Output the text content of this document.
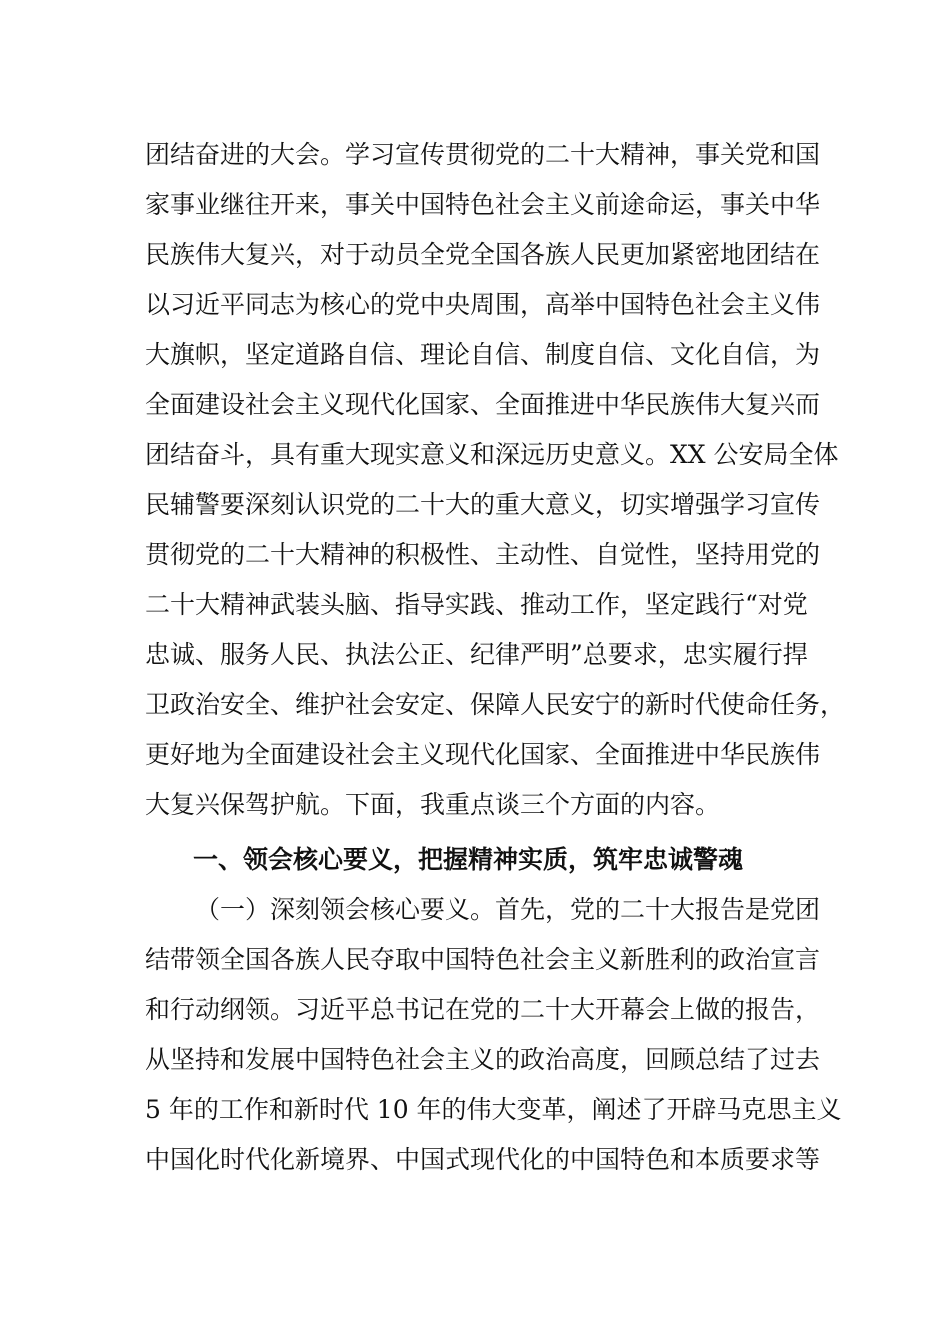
团结奋进的大会。学习宣传贯彻党的二十大精神，事关党和国
家事业继往开来，事关中国特色社会主义前途命运，事关中华
民族伟大复兴，对于动员全党全国各族人民更加紧密地团结在
以习近平同志为核心的党中央周围，高举中国特色社会主义伟
大旗帜，坚定道路自信、理论自信、制度自信、文化自信，为
全面建设社会主义现代化国家、全面推进中华民族伟大复兴而
团结奋斗，具有重大现实意义和深远历史意义。XX 公安局全体
民辅警要深刻认识党的二十大的重大意义，切实增强学习宣传
贯彻党的二十大精神的积极性、主动性、自觉性，坚持用党的
二十大精神武装头脑、指导实践、推动工作，坚定践行“对党
忠诚、服务人民、执法公正、纪律严明”总要求，忠实履行捍
卫政治安全、维护社会安定、保障人民安宁的新时代使命任务，
更好地为全面建设社会主义现代化国家、全面推进中华民族伟
大复兴保驾护航。下面，我重点谈三个方面的内容。
一、领会核心要义，把握精神实质，筑牢忠诚警魂
（一）深刻领会核心要义。首先，党的二十大报告是党团
结带领全国各族人民夺取中国特色社会主义新胜利的政治宣言
和行动纲领。习近平总书记在党的二十大开幕会上做的报告，
从坚持和发展中国特色社会主义的政治高度，回顾总结了过去
5 年的工作和新时代 10 年的伟大变革，阐述了开辟马克思主义
中国化时代化新境界、中国式现代化的中国特色和本质要求等
